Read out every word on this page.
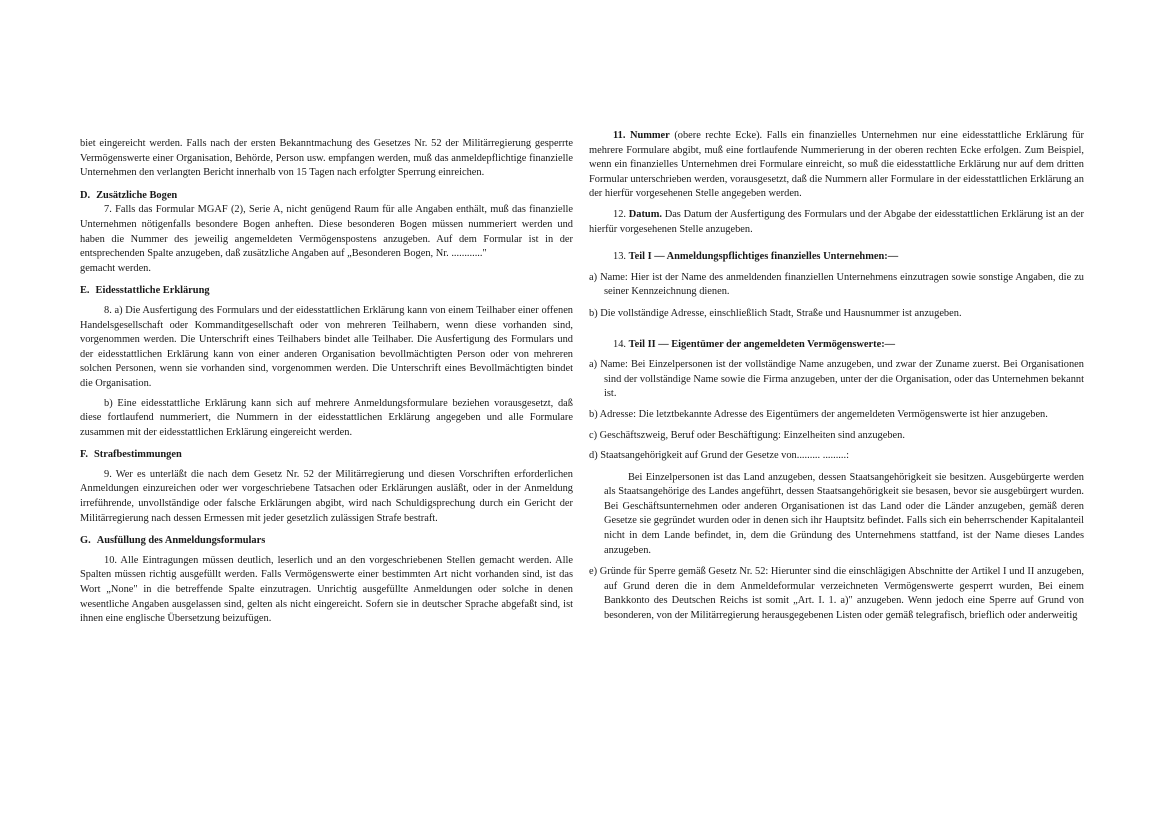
biet eingereicht werden. Falls nach der ersten Bekanntmachung des Gesetzes Nr. 52 der Militärregierung gesperrte Vermögenswerte einer Organisation, Behörde, Person usw. empfangen werden, muß das anmeldepflichtige finanzielle Unternehmen den verlangten Bericht innerhalb von 15 Tagen nach erfolgter Sperrung einreichen.

D. Zusätzliche Bogen

7. Falls das Formular MGAF (2), Serie A, nicht genügend Raum für alle Angaben enthält, muß das finanzielle Unternehmen nötigenfalls besondere Bogen anheften. Diese besonderen Bogen müssen nummeriert werden und haben die Nummer des jeweilig angemeldeten Vermögenspostens anzugeben. Auf dem Formular ist in der entsprechenden Spalte anzugeben, daß zusätzliche Angaben auf „Besonderen Bogen, Nr. ............"

gemacht werden.

E. Eidesstattliche Erklärung

8. a) Die Ausfertigung des Formulars und der eidesstattlichen Erklärung kann von einem Teilhaber einer offenen Handelsgesellschaft oder Kommanditgesellschaft oder von mehreren Teilhabern, wenn diese vorhanden sind, vorgenommen werden. Die Unterschrift eines Teilhabers bindet alle Teilhaber. Die Ausfertigung des Formulars und der eidesstattlichen Erklärung kann von einer anderen Organisation bevollmächtigten Person oder von mehreren solchen Personen, wenn sie vorhanden sind, vorgenommen werden. Die Unterschrift eines Bevollmächtigten bindet die Organisation.

b) Eine eidesstattliche Erklärung kann sich auf mehrere Anmeldungsformulare beziehen vorausgesetzt, daß diese fortlaufend nummeriert, die Nummern in der eidesstattlichen Erklärung angegeben und alle Formulare zusammen mit der eidesstattlichen Erklärung eingereicht werden.

F. Strafbestimmungen

9. Wer es unterläßt die nach dem Gesetz Nr. 52 der Militärregierung und diesen Vorschriften erforderlichen Anmeldungen einzureichen oder wer vorgeschriebene Tatsachen oder Erklärungen ausläßt, oder in der Anmeldung irreführende, unvollständige oder falsche Erklärungen abgibt, wird nach Schuldigsprechung durch ein Gericht der Militärregierung nach dessen Ermessen mit jeder gesetzlich zulässigen Strafe bestraft.

G. Ausfüllung des Anmeldungsformulars

10. Alle Eintragungen müssen deutlich, leserlich und an den vorgeschriebenen Stellen gemacht werden. Alle Spalten müssen richtig ausgefüllt werden. Falls Vermögenswerte einer bestimmten Art nicht vorhanden sind, ist das Wort „None" in die betreffende Spalte einzutragen. Unrichtig ausgefüllte Anmeldungen oder solche in denen wesentliche Angaben ausgelassen sind, gelten als nicht eingereicht. Sofern sie in deutscher Sprache abgefaßt sind, ist ihnen eine englische Übersetzung beizufügen.

11. Nummer (obere rechte Ecke). Falls ein finanzielles Unternehmen nur eine eidesstattliche Erklärung für mehrere Formulare abgibt, muß eine fortlaufende Nummerierung in der oberen rechten Ecke erfolgen. Zum Beispiel, wenn ein finanzielles Unternehmen drei Formulare einreicht, so muß die eidesstattliche Erklärung nur auf dem dritten Formular unterschrieben werden, vorausgesetzt, daß die Nummern aller Formulare in der eidesstattlichen Erklärung an der hierfür vorgesehenen Stelle angegeben werden.

12. Datum. Das Datum der Ausfertigung des Formulars und der Abgabe der eidesstattlichen Erklärung ist an der hierfür vorgesehenen Stelle anzugeben.

13. Teil I — Anmeldungspflichtiges finanzielles Unternehmen:—

a) Name: Hier ist der Name des anmeldenden finanziellen Unternehmens einzutragen sowie sonstige Angaben, die zu seiner Kennzeichnung dienen.

b) Die vollständige Adresse, einschließlich Stadt, Straße und Hausnummer ist anzugeben.

14. Teil II — Eigentümer der angemeldeten Vermögenswerte:—

a) Name: Bei Einzelpersonen ist der vollständige Name anzugeben, und zwar der Zuname zuerst. Bei Organisationen sind der vollständige Name sowie die Firma anzugeben, unter der die Organisation, oder das Unternehmen bekannt ist.

b) Adresse: Die letztbekannte Adresse des Eigentümers der angemeldeten Vermögenswerte ist hier anzugeben.

c) Geschäftszweig, Beruf oder Beschäftigung: Einzelheiten sind anzugeben.

d) Staatsangehörigkeit auf Grund der Gesetze von......... .........:

Bei Einzelpersonen ist das Land anzugeben, dessen Staatsangehörigkeit sie besitzen. Ausgebürgerte werden als Staatsangehörige des Landes angeführt, dessen Staatsangehörigkeit sie besasen, bevor sie ausgebürgert wurden. Bei Geschäftsunternehmen oder anderen Organisationen ist das Land oder die Länder anzugeben, gemäß deren Gesetze sie gegründet wurden oder in denen sich ihr Hauptsitz befindet. Falls sich ein beherrschender Kapitalanteil nicht in dem Lande befindet, in, dem die Gründung des Unternehmens stattfand, ist der Name dieses Landes anzugeben.

e) Gründe für Sperre gemäß Gesetz Nr. 52: Hierunter sind die einschlägigen Abschnitte der Artikel I und II anzugeben, auf Grund deren die in dem Anmeldeformular verzeichneten Vermögenswerte gesperrt wurden, Bei einem Bankkonto des Deutschen Reichs ist somit „Art. I. 1. a)" anzugeben. Wenn jedoch eine Sperre auf Grund von besonderen, von der Militärregierung herausgegebenen Listen oder gemäß telegrafisch, brieflich oder anderweitig
